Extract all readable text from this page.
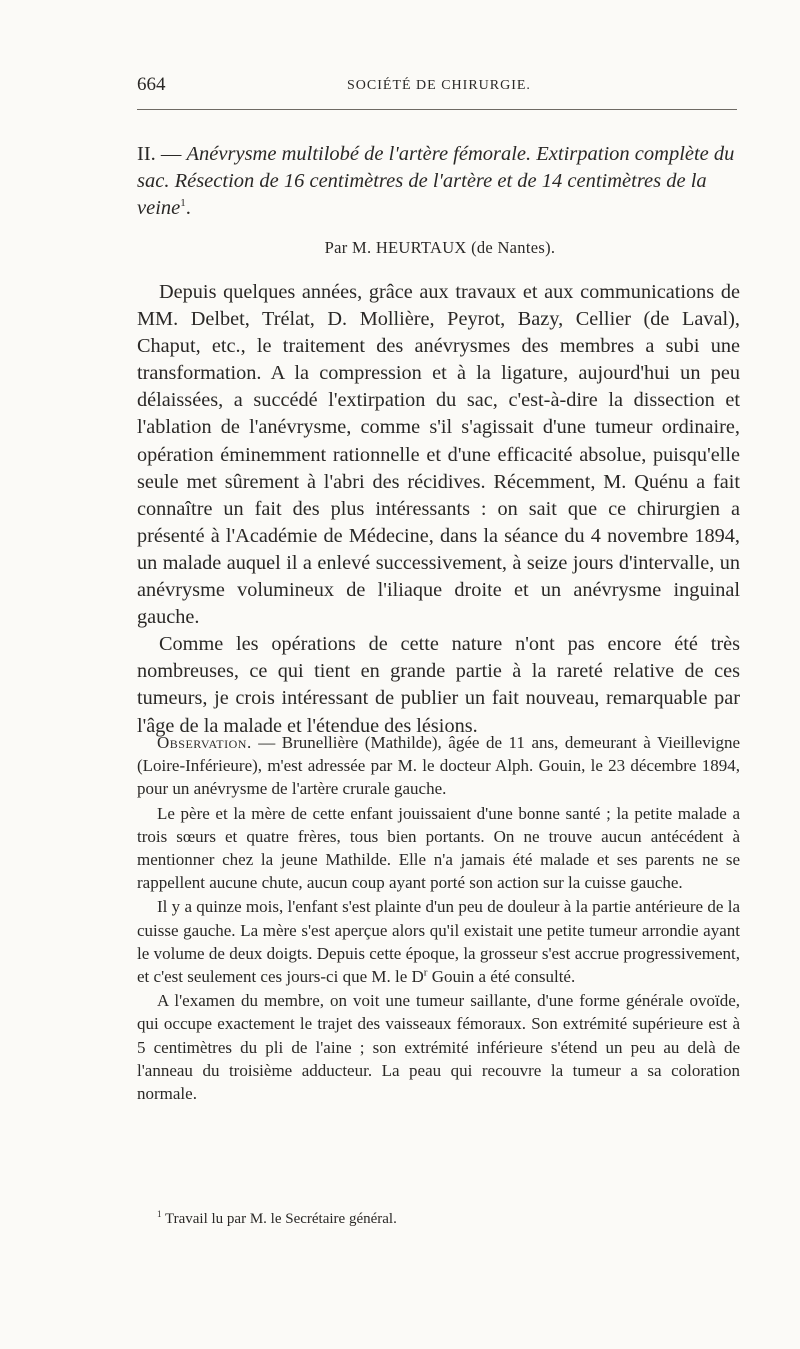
664	SOCIÉTÉ DE CHIRURGIE.
II. — Anévrysme multilobé de l'artère fémorale. Extirpation complète du sac. Résection de 16 centimètres de l'artère et de 14 centimètres de la veine$^1$.
Par M. HEURTAUX (de Nantes).

Depuis quelques années, grâce aux travaux et aux communications de MM. Delbet, Trélat, D. Mollière, Peyrot, Bazy, Cellier (de Laval), Chaput, etc., le traitement des anévrysmes des membres a subi une transformation. A la compression et à la ligature, aujourd'hui un peu délaissées, a succédé l'extirpation du sac, c'est-à-dire la dissection et l'ablation de l'anévrysme, comme s'il s'agissait d'une tumeur ordinaire, opération éminemment rationnelle et d'une efficacité absolue, puisqu'elle seule met sûrement à l'abri des récidives. Récemment, M. Quénu a fait connaître un fait des plus intéressants : on sait que ce chirurgien a présenté à l'Académie de Médecine, dans la séance du 4 novembre 1894, un malade auquel il a enlevé successivement, à seize jours d'intervalle, un anévrysme volumineux de l'iliaque droite et un anévrysme inguinal gauche.

Comme les opérations de cette nature n'ont pas encore été très nombreuses, ce qui tient en grande partie à la rareté relative de ces tumeurs, je crois intéressant de publier un fait nouveau, remarquable par l'âge de la malade et l'étendue des lésions.

Observation. — Brunellière (Mathilde), âgée de 11 ans, demeurant à Vieillevigne (Loire-Inférieure), m'est adressée par M. le docteur Alph. Gouin, le 23 décembre 1894, pour un anévrysme de l'artère crurale gauche.

Le père et la mère de cette enfant jouissaient d'une bonne santé ; la petite malade a trois sœurs et quatre frères, tous bien portants. On ne trouve aucun antécédent à mentionner chez la jeune Mathilde. Elle n'a jamais été malade et ses parents ne se rappellent aucune chute, aucun coup ayant porté son action sur la cuisse gauche.

Il y a quinze mois, l'enfant s'est plainte d'un peu de douleur à la partie antérieure de la cuisse gauche. La mère s'est aperçue alors qu'il existait une petite tumeur arrondie ayant le volume de deux doigts. Depuis cette époque, la grosseur s'est accrue progressivement, et c'est seulement ces jours-ci que M. le $D^r$ Gouin a été consulté.

A l'examen du membre, on voit une tumeur saillante, d'une forme générale ovoïde, qui occupe exactement le trajet des vaisseaux fémoraux. Son extrémité supérieure est à 5 centimètres du pli de l'aine ; son extrémité inférieure s'étend un peu au delà de l'anneau du troisième adducteur. La peau qui recouvre la tumeur a sa coloration normale.

$^1$ Travail lu par M. le Secrétaire général.
